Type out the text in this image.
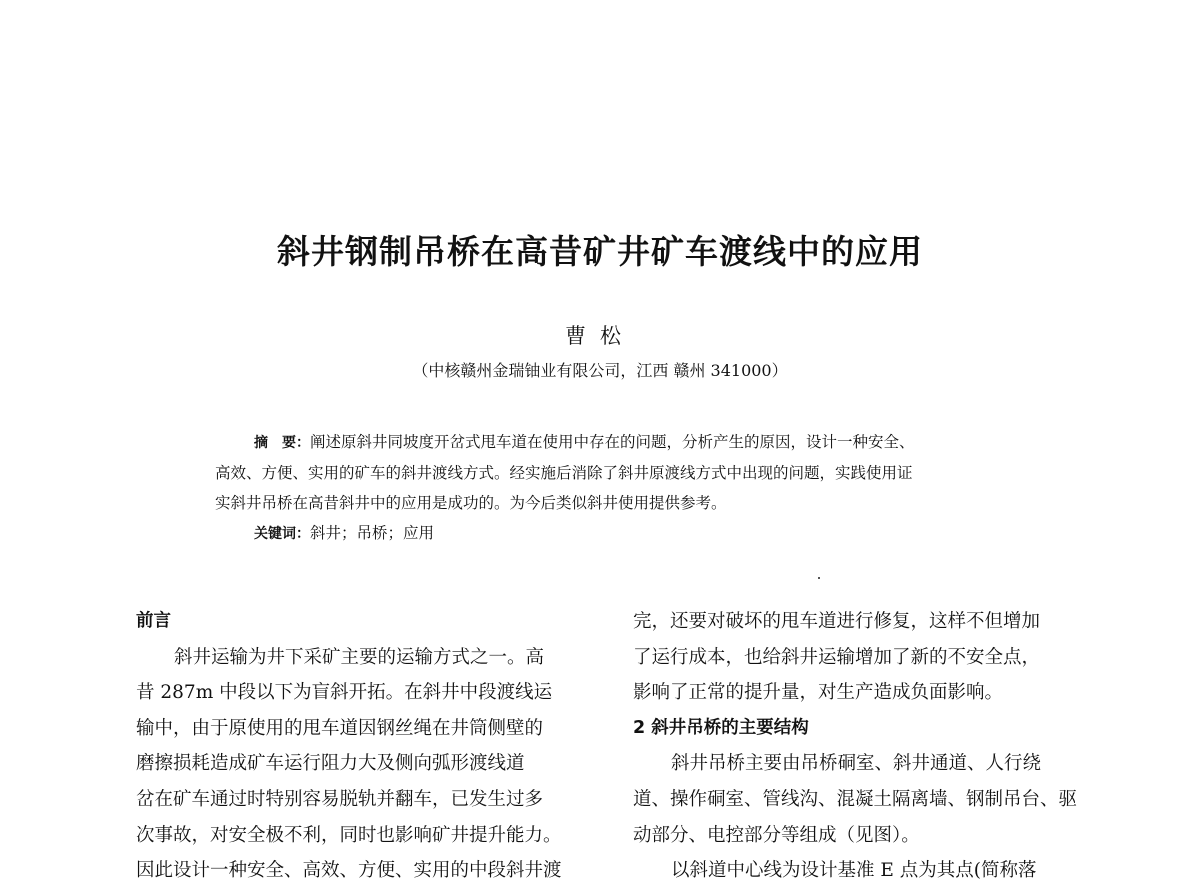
斜井钢制吊桥在高昔矿井矿车渡线中的应用
曹松
（中核赣州金瑞铀业有限公司，江西 赣州 341000）
摘　要：阐述原斜井同坡度开岔式甩车道在使用中存在的问题，分析产生的原因，设计一种安全、
高效、方便、实用的矿车的斜井渡线方式。经实施后消除了斜井原渡线方式中出现的问题，实践使用证
实斜井吊桥在高昔斜井中的应用是成功的。为今后类似斜井使用提供参考。
关键词：斜井；吊桥；应用
前言
斜井运输为井下采矿主要的运输方式之一。高
昔 287m 中段以下为盲斜开拓。在斜井中段渡线运
输中，由于原使用的甩车道因钢丝绳在井筒侧壁的
磨擦损耗造成矿车运行阻力大及侧向弧形渡线道
岔在矿车通过时特别容易脱轨并翻车，已发生过多
次事故，对安全极不利，同时也影响矿井提升能力。
因此设计一种安全、高效、方便、实用的中段斜井渡
完，还要对破坏的甩车道进行修复，这样不但增加
了运行成本，也给斜井运输增加了新的不安全点，
影响了正常的提升量，对生产造成负面影响。
2 斜井吊桥的主要结构
斜井吊桥主要由吊桥硐室、斜井通道、人行绕
道、操作硐室、管线沟、混凝土隔离墙、钢制吊台、驱
动部分、电控部分等组成（见图）。
以斜道中心线为设计基准 E 点为其点(简称落
